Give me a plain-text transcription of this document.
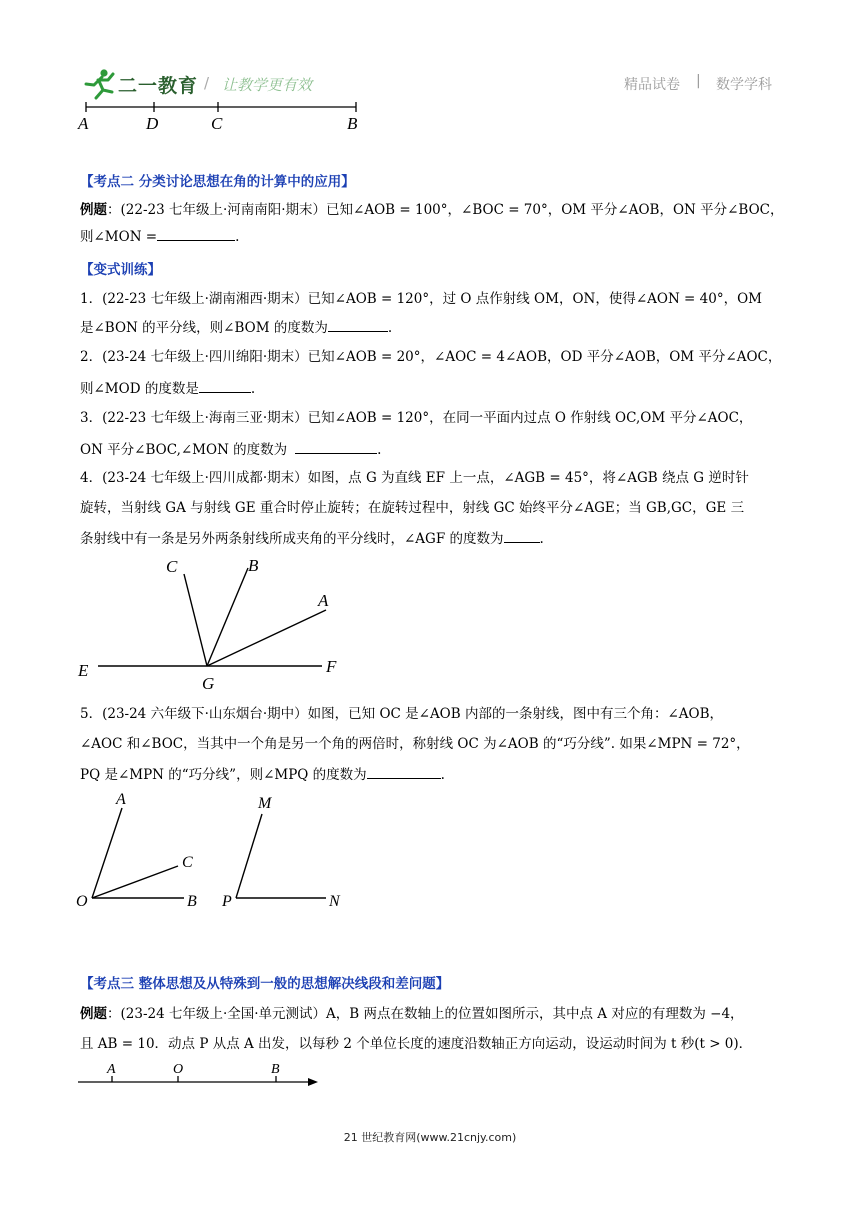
二一教育 / 让教学更有效	精品试卷 | 数学学科
A	D	C	B
【考点二 分类讨论思想在角的计算中的应用】
例题：(22-23 七年级上·河南南阳·期末）已知∠AOB = 100°，∠BOC = 70°，OM 平分∠AOB，ON 平分∠BOC，
则∠MON =	.
【变式训练】
1．(22-23 七年级上·湖南湘西·期末）已知∠AOB = 120°，过 O 点作射线 OM，ON，使得∠AON = 40°，OM
是∠BON 的平分线，则∠BOM 的度数为	.
2．(23-24 七年级上·四川绵阳·期末）已知∠AOB = 20°，∠AOC = 4∠AOB，OD 平分∠AOB，OM 平分∠AOC，
则∠MOD 的度数是	.
3．(22-23 七年级上·海南三亚·期末）已知∠AOB = 120°，在同一平面内过点 O 作射线 OC,OM 平分∠AOC，
ON 平分∠BOC,∠MON 的度数为	.
4．(23-24 七年级上·四川成都·期末）如图，点 G 为直线 EF 上一点，∠AGB = 45°，将∠AGB 绕点 G 逆时针
旋转，当射线 GA 与射线 GE 重合时停止旋转；在旋转过程中，射线 GC 始终平分∠AGE；当 GB,GC，GE 三
条射线中有一条是另外两条射线所成夹角的平分线时，∠AGF 的度数为	.
C	B
A
E	F
G
5．(23-24 六年级下·山东烟台·期中）如图，已知 OC 是∠AOB 内部的一条射线，图中有三个角：∠AOB，
∠AOC 和∠BOC，当其中一个角是另一个角的两倍时，称射线 OC 为∠AOB 的“巧分线”. 如果∠MPN = 72°，
PQ 是∠MPN 的“巧分线”，则∠MPQ 的度数为	.
A
C
O	B
M
P	N
【考点三 整体思想及从特殊到一般的思想解决线段和差问题】
例题：(23-24 七年级上·全国·单元测试）A，B 两点在数轴上的位置如图所示，其中点 A 对应的有理数为 −4，
且 AB = 10．动点 P 从点 A 出发，以每秒 2 个单位长度的速度沿数轴正方向运动，设运动时间为 t 秒(t > 0)．
A	O	B
21 世纪教育网(www.21cnjy.com)
